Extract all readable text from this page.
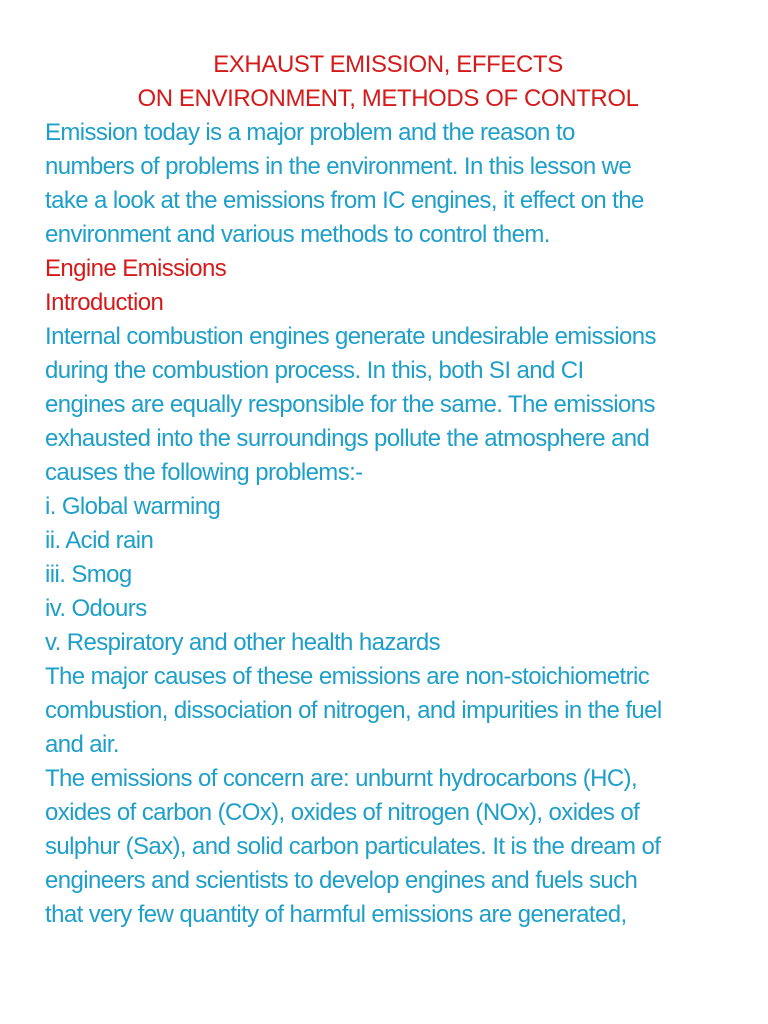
EXHAUST EMISSION, EFFECTS

ON ENVIRONMENT, METHODS OF CONTROL

Emission today is a major problem and the reason to

numbers of problems in the environment. In this lesson we

take a look at the emissions from IC engines, it effect on the

environment and various methods to control them.

Engine Emissions

Introduction

Internal combustion engines generate undesirable emissions

during the combustion process. In this, both SI and CI

engines are equally responsible for the same. The emissions

exhausted into the surroundings pollute the atmosphere and

causes the following problems:-

i. Global warming

ii. Acid rain

iii. Smog

iv. Odours

v. Respiratory and other health hazards

The major causes of these emissions are non-stoichiometric

combustion, dissociation of nitrogen, and impurities in the fuel

and air.

The emissions of concern are: unburnt hydrocarbons (HC),

oxides of carbon (COx), oxides of nitrogen (NOx), oxides of

sulphur (Sax), and solid carbon particulates. It is the dream of

engineers and scientists to develop engines and fuels such

that very few quantity of harmful emissions are generated,
